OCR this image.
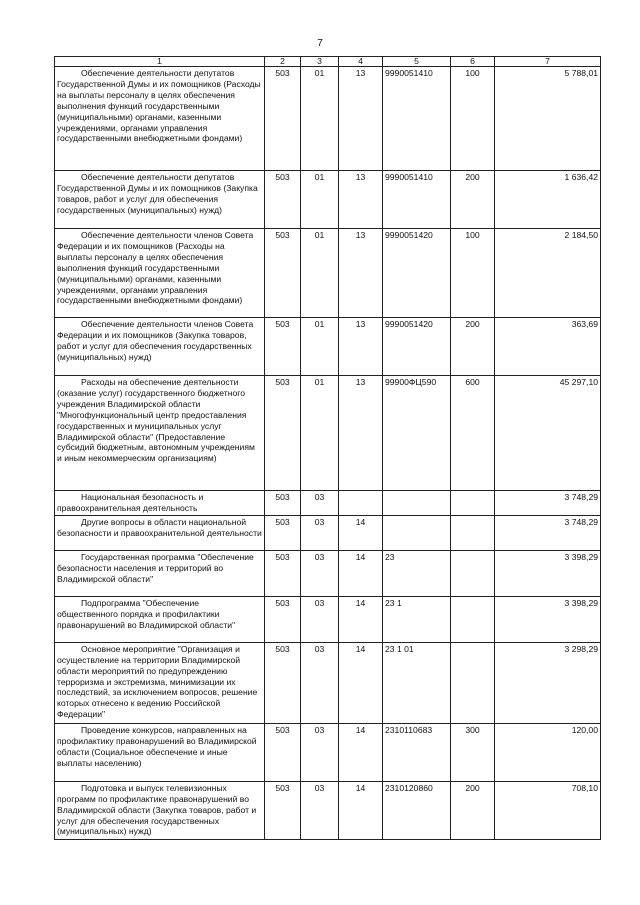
7
1	2	3	4	5	6	7
Обеспечение деятельности депутатов Государственной Думы и их помощников (Расходы на выплаты персоналу в целях обеспечения выполнения функций государственными (муниципальными) органами, казенными учреждениями, органами управления государственными внебюджетными фондами)	503	01	13	9990051410	100	5 788,01
Обеспечение деятельности депутатов Государственной Думы и их помощников (Закупка товаров, работ и услуг для обеспечения государственных (муниципальных) нужд)	503	01	13	9990051410	200	1 636,42
Обеспечение деятельности членов Совета Федерации и их помощников (Расходы на выплаты персоналу в целях обеспечения выполнения функций государственными (муниципальными) органами, казенными учреждениями, органами управления государственными внебюджетными фондами)	503	01	13	9990051420	100	2 184,50
Обеспечение деятельности членов Совета Федерации и их помощников (Закупка товаров, работ и услуг для обеспечения государственных (муниципальных) нужд)	503	01	13	9990051420	200	363,69
Расходы на обеспечение деятельности (оказание услуг) государственного бюджетного учреждения Владимирской области "Многофункциональный центр предоставления государственных и муниципальных услуг Владимирской области" (Предоставление субсидий бюджетным, автономным учреждениям и иным некоммерческим организациям)	503	01	13	99900ФЦ590	600	45 297,10
Национальная безопасность и правоохранительная деятельность	503	03				3 748,29
Другие вопросы в области национальной безопасности и правоохранительной деятельности	503	03	14			3 748,29
Государственная программа "Обеспечение безопасности населения и территорий во Владимирской области"	503	03	14	23		3 398,29
Подпрограмма "Обеспечение общественного порядка и профилактики правонарушений во Владимирской области"	503	03	14	23 1		3 398,29
Основное мероприятие "Организация и осуществление на территории Владимирской области мероприятий по предупреждению терроризма и экстремизма, минимизации их последствий, за исключением вопросов, решение которых отнесено к ведению Российской Федерации"	503	03	14	23 1 01		3 298,29
Проведение конкурсов, направленных на профилактику правонарушений во Владимирской области (Социальное обеспечение и иные выплаты населению)	503	03	14	2310110683	300	120,00
Подготовка и выпуск телевизионных программ по профилактике правонарушений во Владимирской области (Закупка товаров, работ и услуг для обеспечения государственных (муниципальных) нужд)	503	03	14	2310120860	200	708,10
